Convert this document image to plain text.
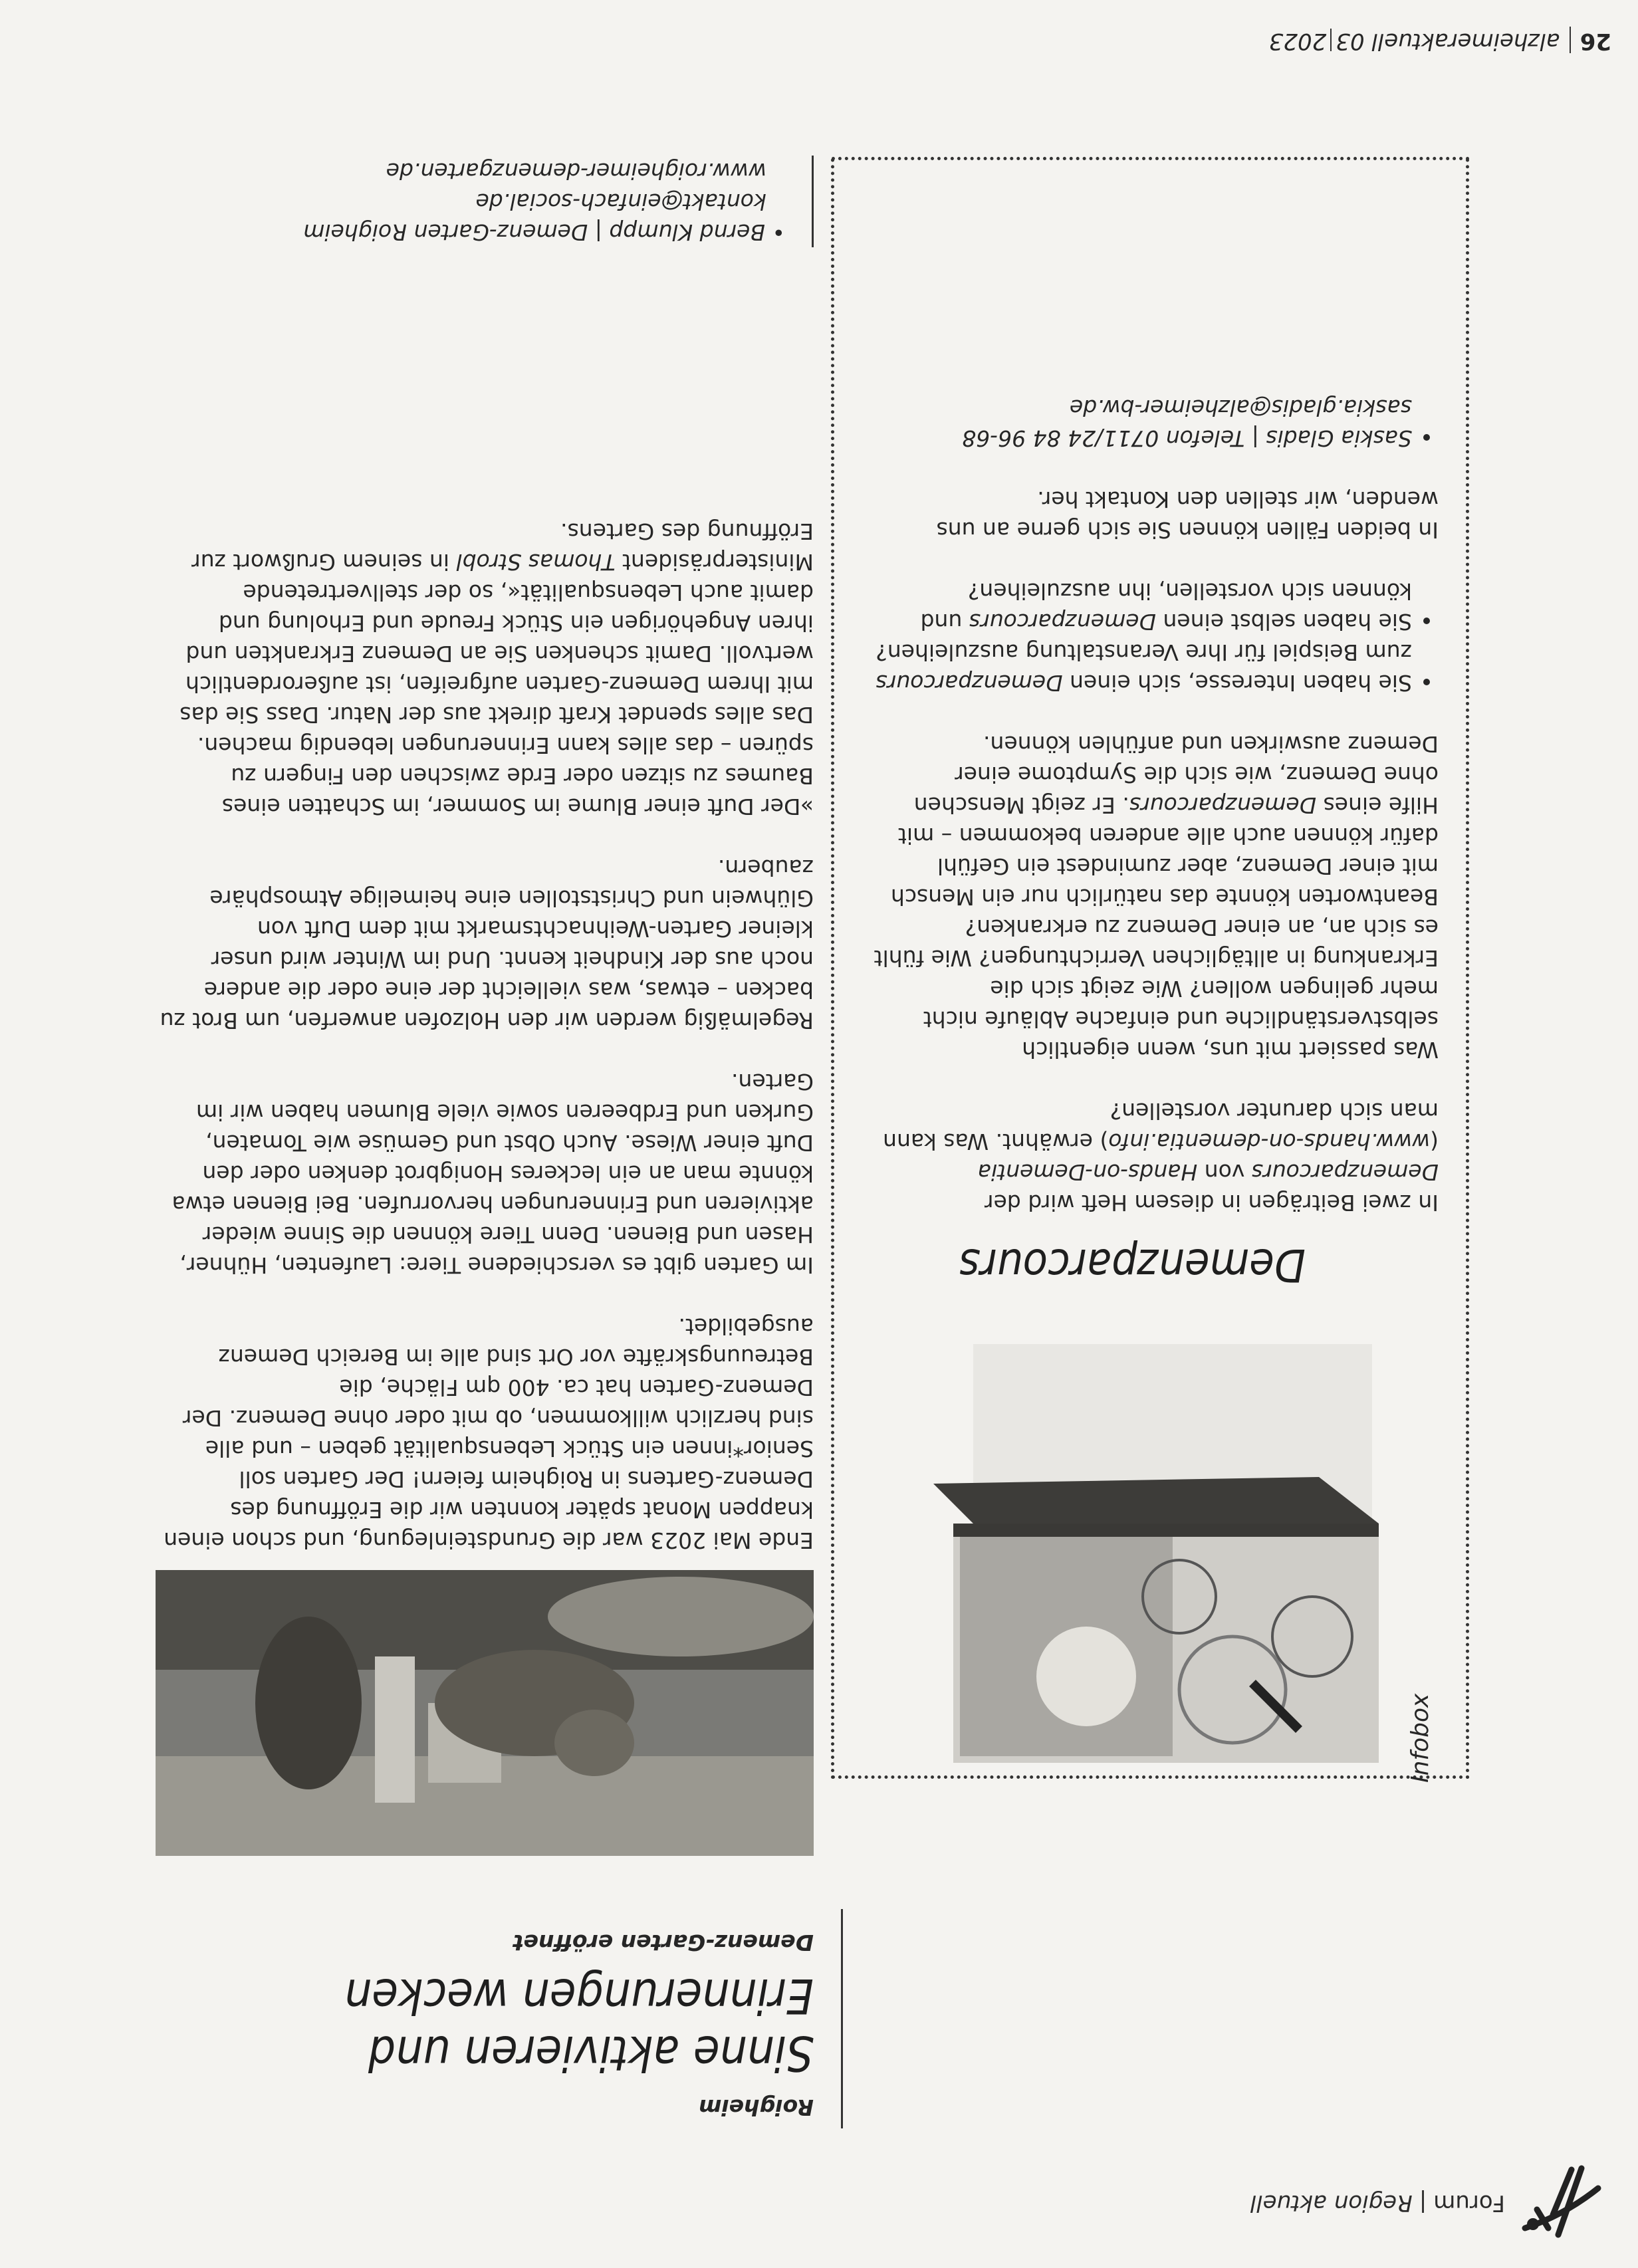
Forum|Region aktuell
Roigheim
Sinne aktivieren und Erinnerungen wecken
Demenz-Garten eröffnet

Ende Mai 2023 war die Grundsteinlegung, und schon einen knappen Monat später konnten wir die Eröffnung des Demenz-Gartens in Roigheim feiern! Der Garten soll Senior*innen ein Stück Lebensqualität geben – und alle sind herzlich willkommen, ob mit oder ohne Demenz. Der Demenz-Garten hat ca. 400 qm Fläche, die Betreuungskräfte vor Ort sind alle im Bereich Demenz ausgebildet.

Im Garten gibt es verschiedene Tiere: Laufenten, Hühner, Hasen und Bienen. Denn Tiere können die Sinne wieder aktivieren und Erinnerungen hervorrufen. Bei Bienen etwa könnte man an ein leckeres Honigbrot denken oder den Duft einer Wiese. Auch Obst und Gemüse wie Tomaten, Gurken und Erdbeeren sowie viele Blumen haben wir im Garten.

Regelmäßig werden wir den Holzofen anwerfen, um Brot zu backen – etwas, was vielleicht der eine oder die andere noch aus der Kindheit kennt. Und im Winter wird unser kleiner Garten-Weihnachtsmarkt mit dem Duft von Glühwein und Christstollen eine heimelige Atmosphäre zaubern.

»Der Duft einer Blume im Sommer, im Schatten eines Baumes zu sitzen oder Erde zwischen den Fingern zu spüren – das alles kann Erinnerungen lebendig machen. Das alles spendet Kraft direkt aus der Natur. Dass Sie das mit Ihrem Demenz-Garten aufgreifen, ist außerordentlich wertvoll. Damit schenken Sie an Demenz Erkrankten und ihren Angehörigen ein Stück Freude und Erholung und damit auch Lebensqualität«, so der stellvertretende Ministerpräsident Thomas Strobl in seinem Grußwort zur Eröffnung des Gartens.

• Bernd Klumpp | Demenz-Garten Roigheim
kontakt@einfach-social.de
www.roigheimer-demenzgarten.de
Infobox
Demenzparcours

In zwei Beiträgen in diesem Heft wird der Demenzparcours von Hands-on-Dementia (www.hands-on-dementia.info) erwähnt. Was kann man sich darunter vorstellen?

Was passiert mit uns, wenn eigentlich selbstverständliche und einfache Abläufe nicht mehr gelingen wollen? Wie zeigt sich die Erkrankung in alltäglichen Verrichtungen? Wie fühlt es sich an, an einer Demenz zu erkranken? Beantworten könnte das natürlich nur ein Mensch mit einer Demenz, aber zumindest ein Gefühl dafür können auch alle anderen bekommen – mit Hilfe eines Demenzparcours. Er zeigt Menschen ohne Demenz, wie sich die Symptome einer Demenz auswirken und anfühlen können.

• Sie haben Interesse, sich einen Demenzparcours zum Beispiel für Ihre Veranstaltung auszuleihen?
• Sie haben selbst einen Demenzparcours und können sich vorstellen, ihn auszuleihen?

In beiden Fällen können Sie sich gerne an uns wenden, wir stellen den Kontakt her.

• Saskia Gladis | Telefon 0711/24 84 96-68
saskia.gladis@alzheimer-bw.de
26alzheimeraktuell 032023
